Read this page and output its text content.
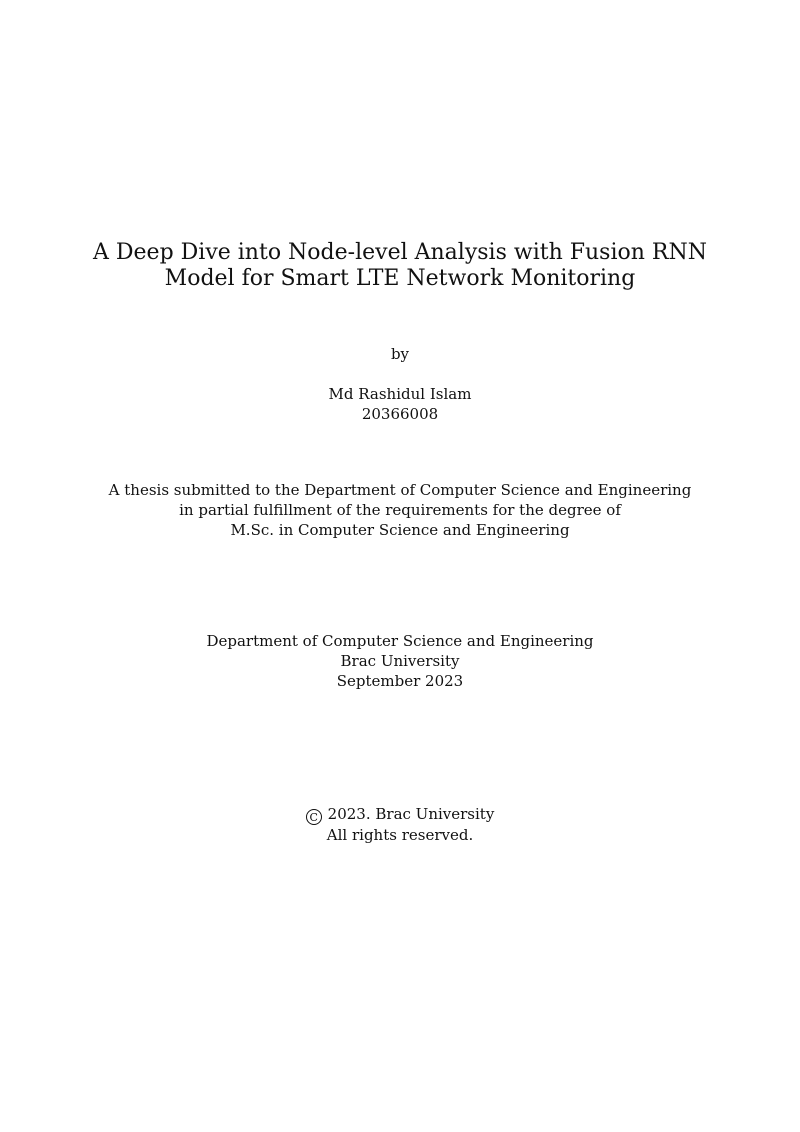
A Deep Dive into Node-level Analysis with Fusion RNN
Model for Smart LTE Network Monitoring
by
Md Rashidul Islam
20366008
A thesis submitted to the Department of Computer Science and Engineering
in partial fulfillment of the requirements for the degree of
M.Sc. in Computer Science and Engineering
Department of Computer Science and Engineering
Brac University
September 2023
C 2023. Brac University
All rights reserved.
